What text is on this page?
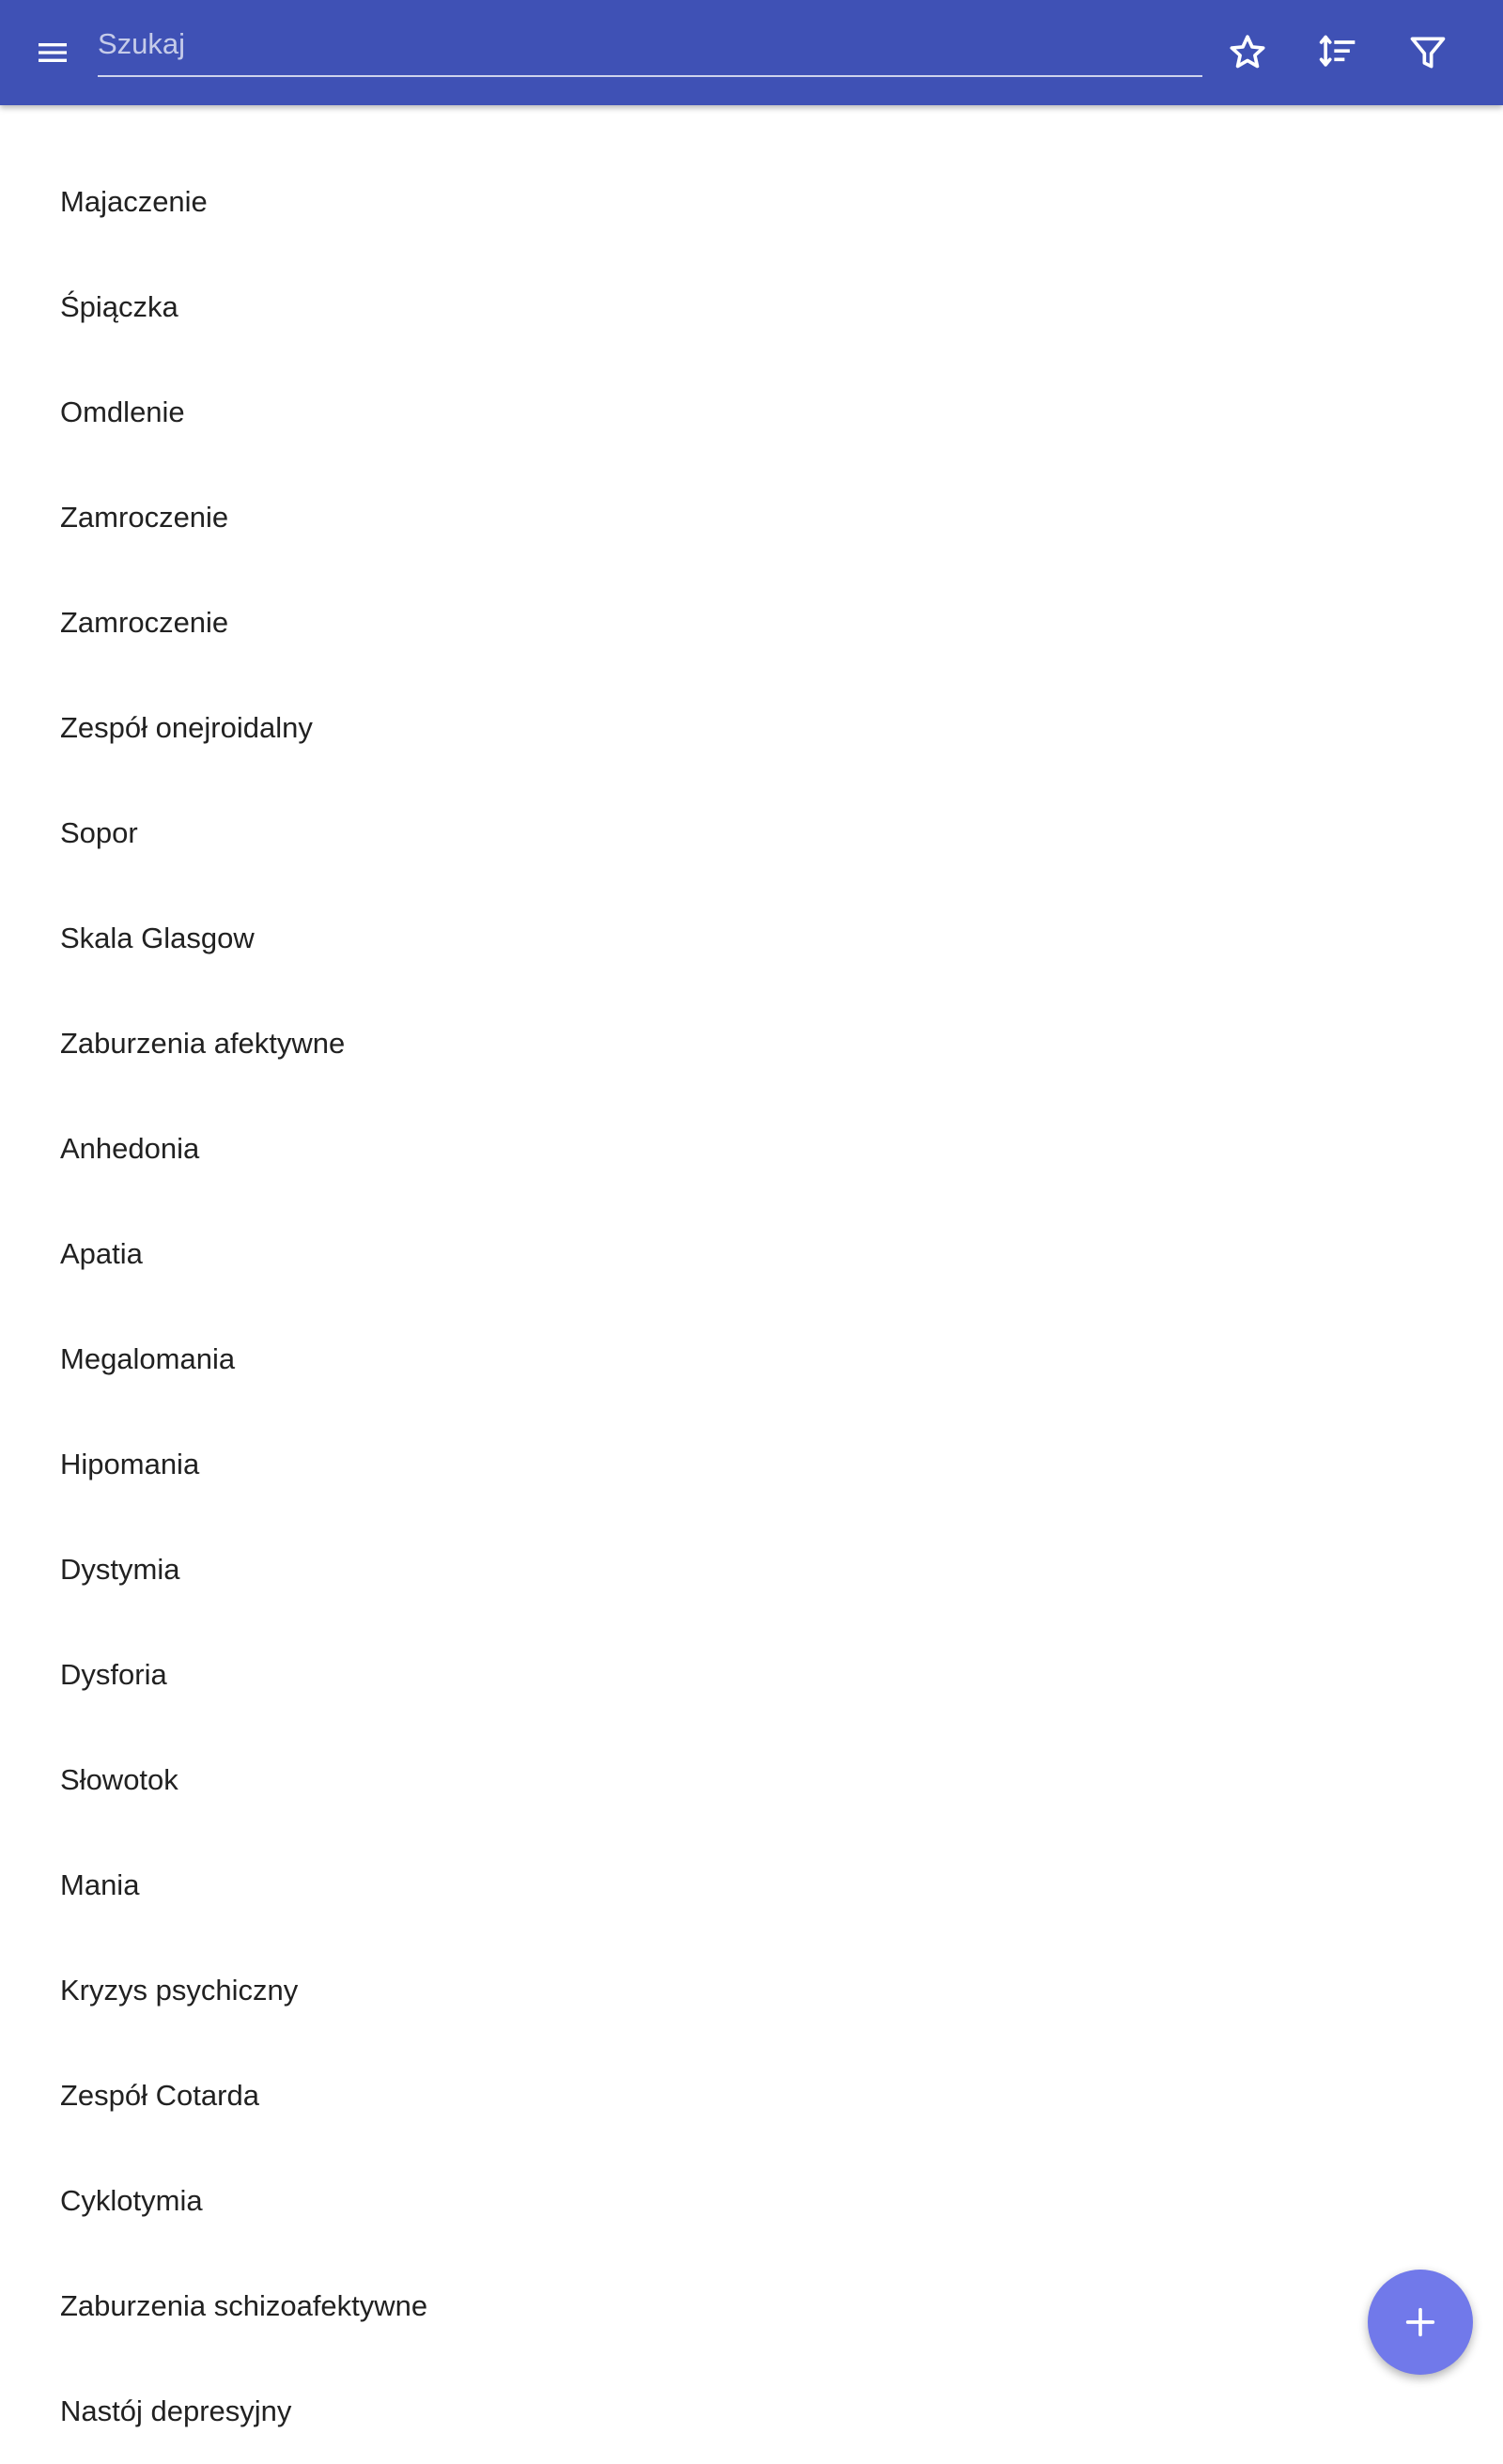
Szukaj
Majaczenie
Śpiączka
Omdlenie
Zamroczenie
Zamroczenie
Zespół onejroidalny
Sopor
Skala Glasgow
Zaburzenia afektywne
Anhedonia
Apatia
Megalomania
Hipomania
Dystymia
Dysforia
Słowotok
Mania
Kryzys psychiczny
Zespół Cotarda
Cyklotymia
Zaburzenia schizoafektywne
Nastój depresyjny
